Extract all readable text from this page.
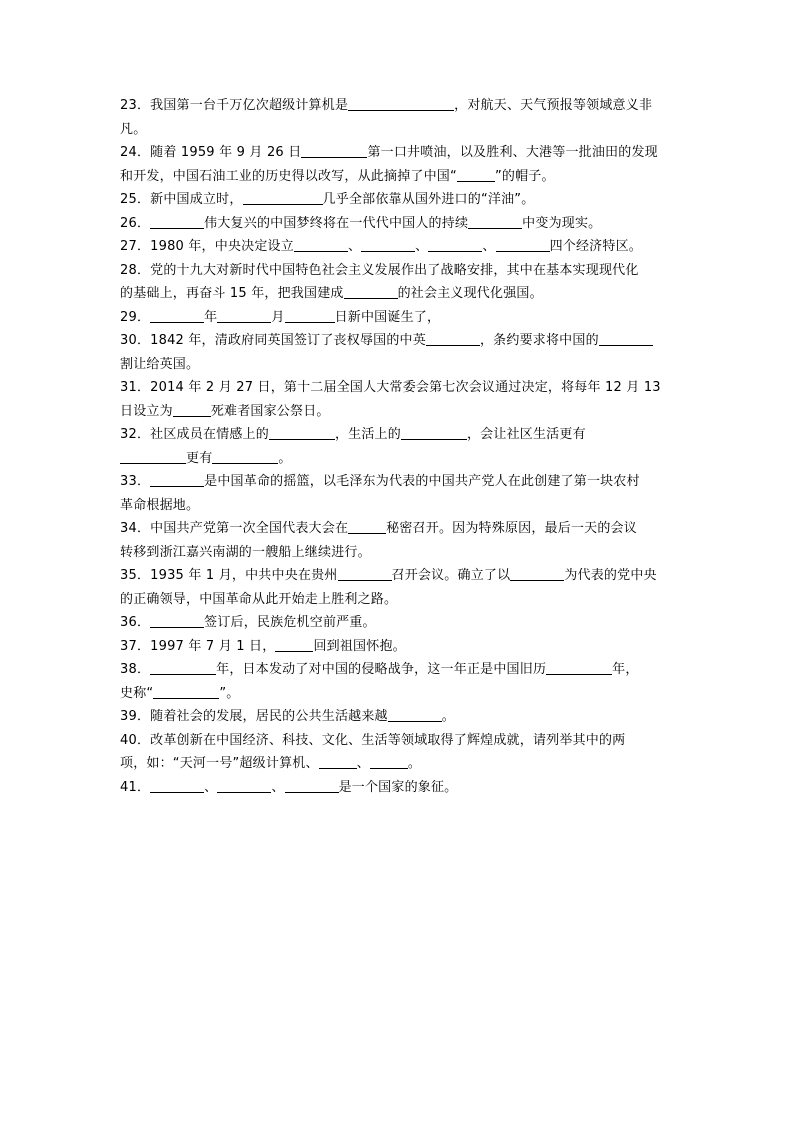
23．我国第一台千万亿次超级计算机是	，对航天、天气预报等领域意义非
凡。
24．随着 1959 年 9 月 26 日	第一口井喷油，以及胜利、大港等一批油田的发现
和开发，中国石油工业的历史得以改写，从此摘掉了中国“	”的帽子。
25．新中国成立时，	几乎全部依靠从国外进口的“洋油”。
26．	伟大复兴的中国梦终将在一代代中国人的持续	中变为现实。
27．1980 年，中央决定设立	、	、	、	四个经济特区。
28．党的十九大对新时代中国特色社会主义发展作出了战略安排，其中在基本实现现代化
的基础上，再奋斗 15 年，把我国建成	的社会主义现代化强国。
29．	年	月	日新中国诞生了，
30．1842 年，清政府同英国签订了丧权辱国的中英	，条约要求将中国的
割让给英国。
31．2014 年 2 月 27 日，第十二届全国人大常委会第七次会议通过决定，将每年 12 月 13
日设立为	死难者国家公祭日。
32．社区成员在情感上的	，生活上的	，会让社区生活更有
更有	。
33．	是中国革命的摇篮，以毛泽东为代表的中国共产党人在此创建了第一块农村
革命根据地。
34．中国共产党第一次全国代表大会在	秘密召开。因为特殊原因，最后一天的会议
转移到浙江嘉兴南湖的一艘船上继续进行。
35．1935 年 1 月，中共中央在贵州	召开会议。确立了以	为代表的党中央
的正确领导，中国革命从此开始走上胜利之路。
36．	签订后，民族危机空前严重。
37．1997 年 7 月 1 日，	回到祖国怀抱。
38．	年，日本发动了对中国的侵略战争，这一年正是中国旧历	年，
史称“	”。
39．随着社会的发展，居民的公共生活越来越	。
40．改革创新在中国经济、科技、文化、生活等领域取得了辉煌成就，请列举其中的两
项，如：“天河一号”超级计算机、	、	。
41．	、	、	是一个国家的象征。
